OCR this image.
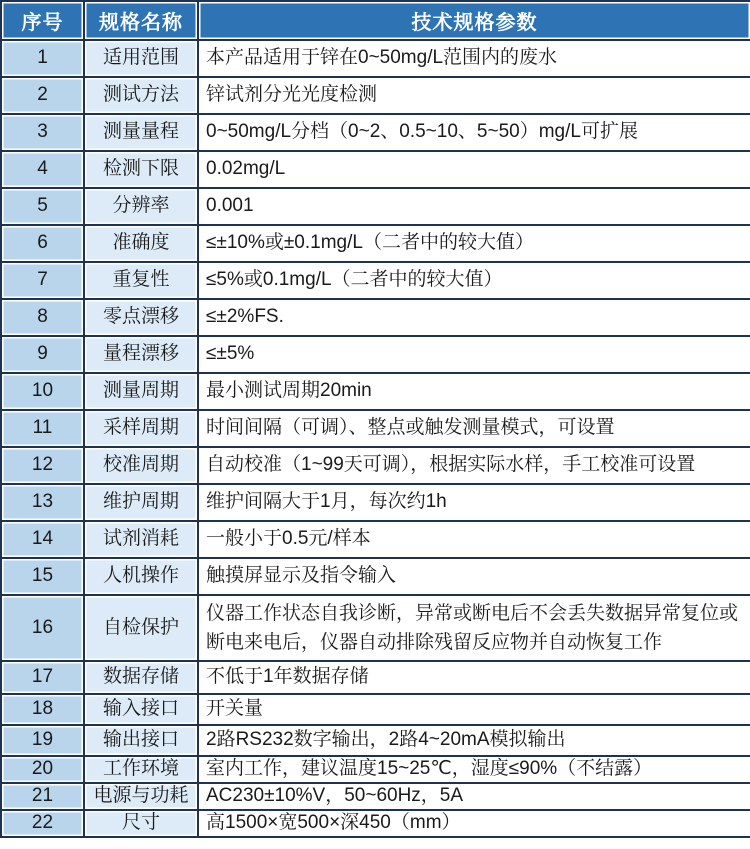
序号	规格名称	技术规格参数
1	适用范围	本产品适用于锌在0~50mg/L范围内的废水
2	测试方法	锌试剂分光光度检测
3	测量量程	0~50mg/L分档（0~2、0.5~10、5~50）mg/L可扩展
4	检测下限	0.02mg/L
5	分辨率	0.001
6	准确度	≤±10%或±0.1mg/L（二者中的较大值）
7	重复性	≤5%或0.1mg/L（二者中的较大值）
8	零点漂移	≤±2%FS.
9	量程漂移	≤±5%
10	测量周期	最小测试周期20min
11	采样周期	时间间隔（可调）、整点或触发测量模式，可设置
12	校准周期	自动校准（1~99天可调），根据实际水样，手工校准可设置
13	维护周期	维护间隔大于1月，每次约1h
14	试剂消耗	一般小于0.5元/样本
15	人机操作	触摸屏显示及指令输入
16	自检保护	仪器工作状态自我诊断，异常或断电后不会丢失数据异常复位或断电来电后，仪器自动排除残留反应物并自动恢复工作
17	数据存储	不低于1年数据存储
18	输入接口	开关量
19	输出接口	2路RS232数字输出，2路4~20mA模拟输出
20	工作环境	室内工作，建议温度15~25℃，湿度≤90%（不结露）
21	电源与功耗	AC230±10%V，50~60Hz，5A
22	尺寸	高1500×宽500×深450（mm）
